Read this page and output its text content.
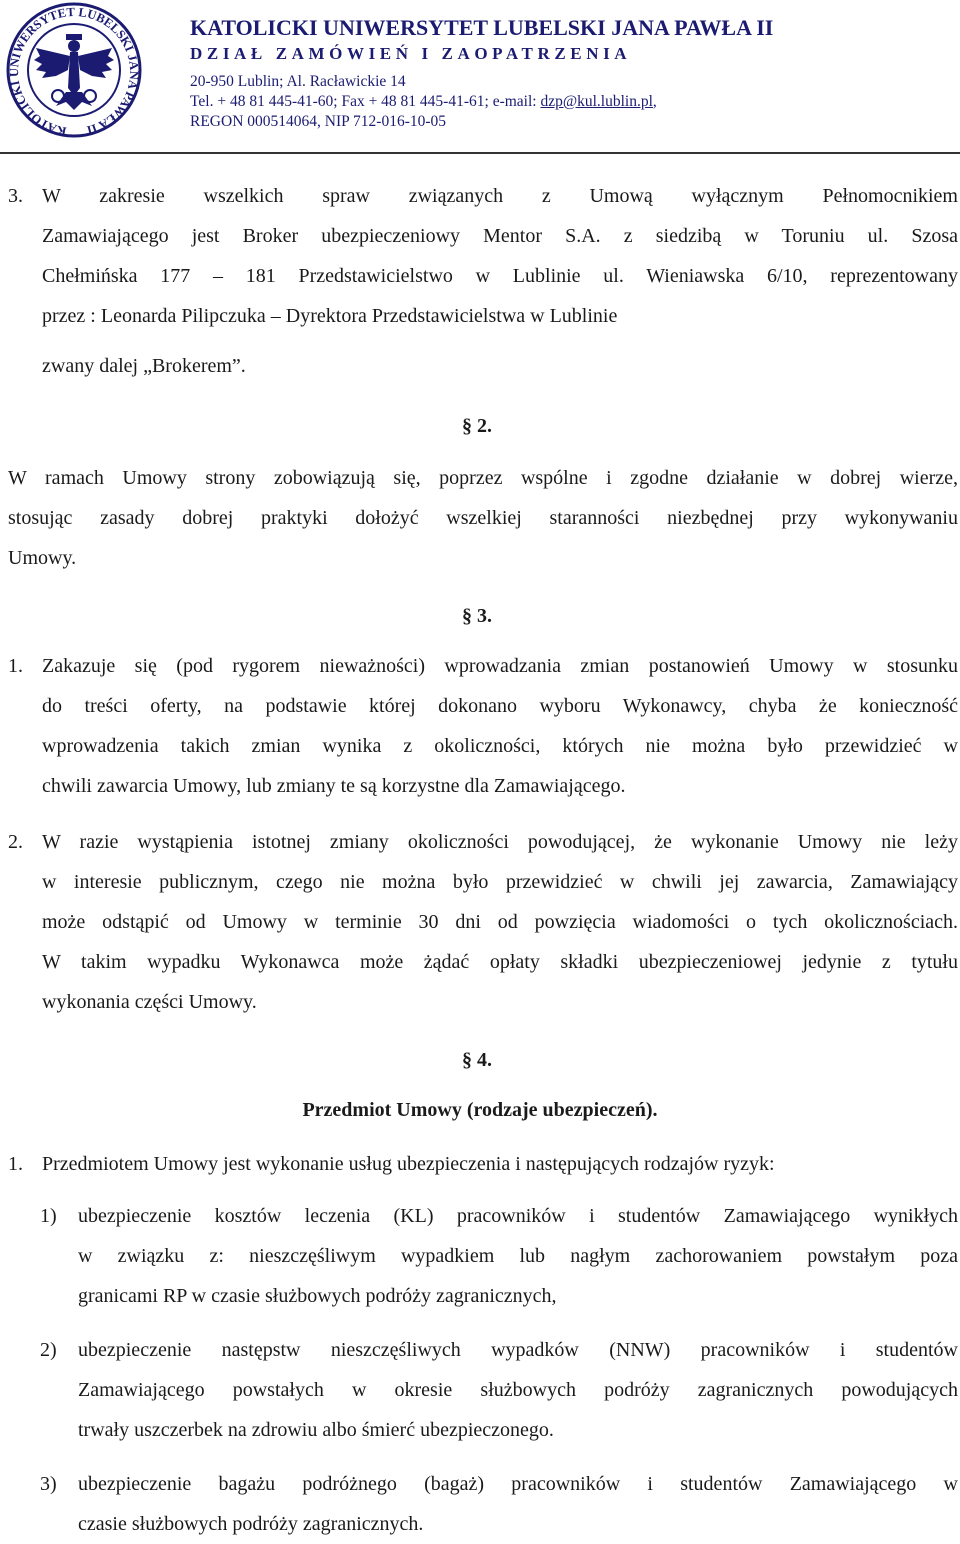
KATOLICKI UNIWERSYTET LUBELSKI JANA PAWŁA II
KATOLICKI UNIWERSYTET LUBELSKI JANA PAWŁA II
DZIAŁ ZAMÓWIEŃ I ZAOPATRZENIA
20-950 Lublin; Al. Racławickie 14
Tel. + 48 81 445-41-60; Fax + 48 81 445-41-61; e-mail: dzp@kul.lublin.pl,
REGON 000514064, NIP 712-016-10-05
3. W zakresie wszelkich spraw związanych z Umową wyłącznym Pełnomocnikiem
Zamawiającego jest Broker ubezpieczeniowy Mentor S.A. z siedzibą w Toruniu ul. Szosa
Chełmińska 177 – 181 Przedstawicielstwo w Lublinie ul. Wieniawska 6/10, reprezentowany
przez : Leonarda Pilipczuka – Dyrektora Przedstawicielstwa w Lublinie
zwany dalej „Brokerem”.
§ 2.
W ramach Umowy strony zobowiązują się, poprzez wspólne i zgodne działanie w dobrej wierze,
stosując zasady dobrej praktyki dołożyć wszelkiej staranności niezbędnej przy wykonywaniu
Umowy.
§ 3.
1. Zakazuje się (pod rygorem nieważności) wprowadzania zmian postanowień Umowy w stosunku
do treści oferty, na podstawie której dokonano wyboru Wykonawcy, chyba że konieczność
wprowadzenia takich zmian wynika z okoliczności, których nie można było przewidzieć w
chwili zawarcia Umowy, lub zmiany te są korzystne dla Zamawiającego.
2. W razie wystąpienia istotnej zmiany okoliczności powodującej, że wykonanie Umowy nie leży
w interesie publicznym, czego nie można było przewidzieć w chwili jej zawarcia, Zamawiający
może odstąpić od Umowy w terminie 30 dni od powzięcia wiadomości o tych okolicznościach.
W takim wypadku Wykonawca może żądać opłaty składki ubezpieczeniowej jedynie z tytułu
wykonania części Umowy.
§ 4.
Przedmiot Umowy (rodzaje ubezpieczeń).
1. Przedmiotem Umowy jest wykonanie usług ubezpieczenia i następujących rodzajów ryzyk:
1) ubezpieczenie kosztów leczenia (KL) pracowników i studentów Zamawiającego wynikłych
w związku z: nieszczęśliwym wypadkiem lub nagłym zachorowaniem powstałym poza
granicami RP w czasie służbowych podróży zagranicznych,
2) ubezpieczenie następstw nieszczęśliwych wypadków (NNW) pracowników i studentów
Zamawiającego powstałych w okresie służbowych podróży zagranicznych powodujących
trwały uszczerbek na zdrowiu albo śmierć ubezpieczonego.
3) ubezpieczenie bagażu podróżnego (bagaż) pracowników i studentów Zamawiającego w
czasie służbowych podróży zagranicznych.
